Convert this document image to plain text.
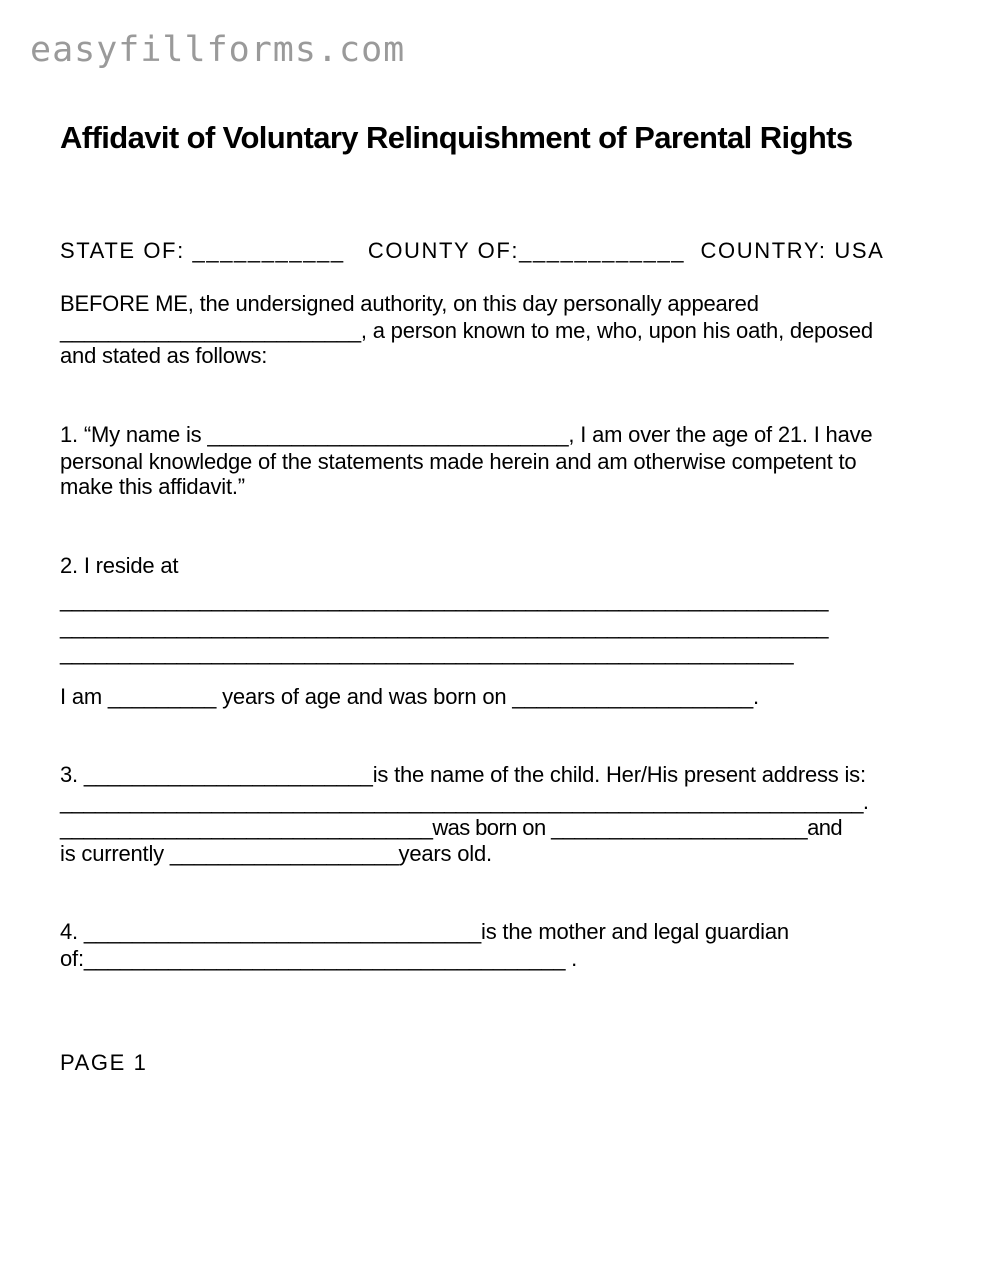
easyfillforms.com
Affidavit of Voluntary Relinquishment of Parental Rights
STATE OF: ___________   COUNTY OF:____________  COUNTRY: USA
BEFORE ME, the undersigned authority, on this day personally appeared
_________________________, a person known to me, who, upon his oath, deposed
and stated as follows:
1. “My name is ______________________________, I am over the age of 21. I have
personal knowledge of the statements made herein and am otherwise competent to
make this affidavit.”
2. I reside at
__________________________________________________________________
__________________________________________________________________
_______________________________________________________________
I am _________ years of age and was born on ____________________.
3. ________________________is the name of the child. Her/His present address is:
_____________________________________________________________________.
________________________________was born on ______________________and
is currently ___________________years old.
4. _________________________________is the mother and legal guardian
of:________________________________________ .
PAGE 1
